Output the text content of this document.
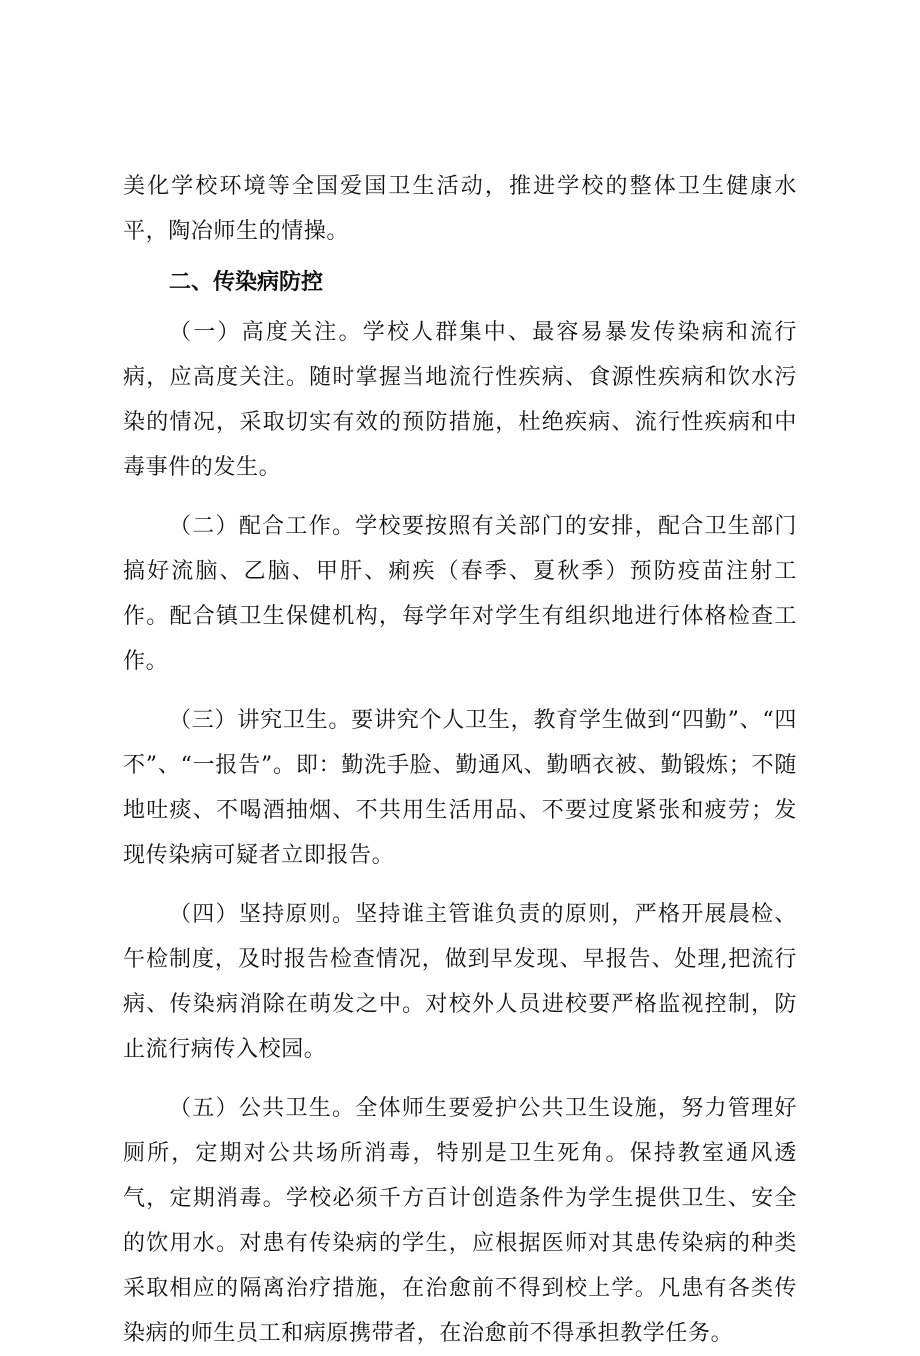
美化学校环境等全国爱国卫生活动，推进学校的整体卫生健康水平，陶冶师生的情操。

二、传染病防控

（一）高度关注。学校人群集中、最容易暴发传染病和流行病，应高度关注。随时掌握当地流行性疾病、食源性疾病和饮水污染的情况，采取切实有效的预防措施，杜绝疾病、流行性疾病和中毒事件的发生。

（二）配合工作。学校要按照有关部门的安排，配合卫生部门搞好流脑、乙脑、甲肝、痢疾（春季、夏秋季）预防疫苗注射工作。配合镇卫生保健机构，每学年对学生有组织地进行体格检查工作。

（三）讲究卫生。要讲究个人卫生，教育学生做到“四勤”、“四不”、“一报告”。即：勤洗手脸、勤通风、勤晒衣被、勤锻炼；不随地吐痰、不喝酒抽烟、不共用生活用品、不要过度紧张和疲劳；发现传染病可疑者立即报告。

（四）坚持原则。坚持谁主管谁负责的原则，严格开展晨检、午检制度，及时报告检查情况，做到早发现、早报告、处理,把流行病、传染病消除在萌发之中。对校外人员进校要严格监视控制，防止流行病传入校园。

（五）公共卫生。全体师生要爱护公共卫生设施，努力管理好厕所，定期对公共场所消毒，特别是卫生死角。保持教室通风透气，定期消毒。学校必须千方百计创造条件为学生提供卫生、安全的饮用水。对患有传染病的学生，应根据医师对其患传染病的种类采取相应的隔离治疗措施，在治愈前不得到校上学。凡患有各类传染病的师生员工和病原携带者，在治愈前不得承担教学任务。
